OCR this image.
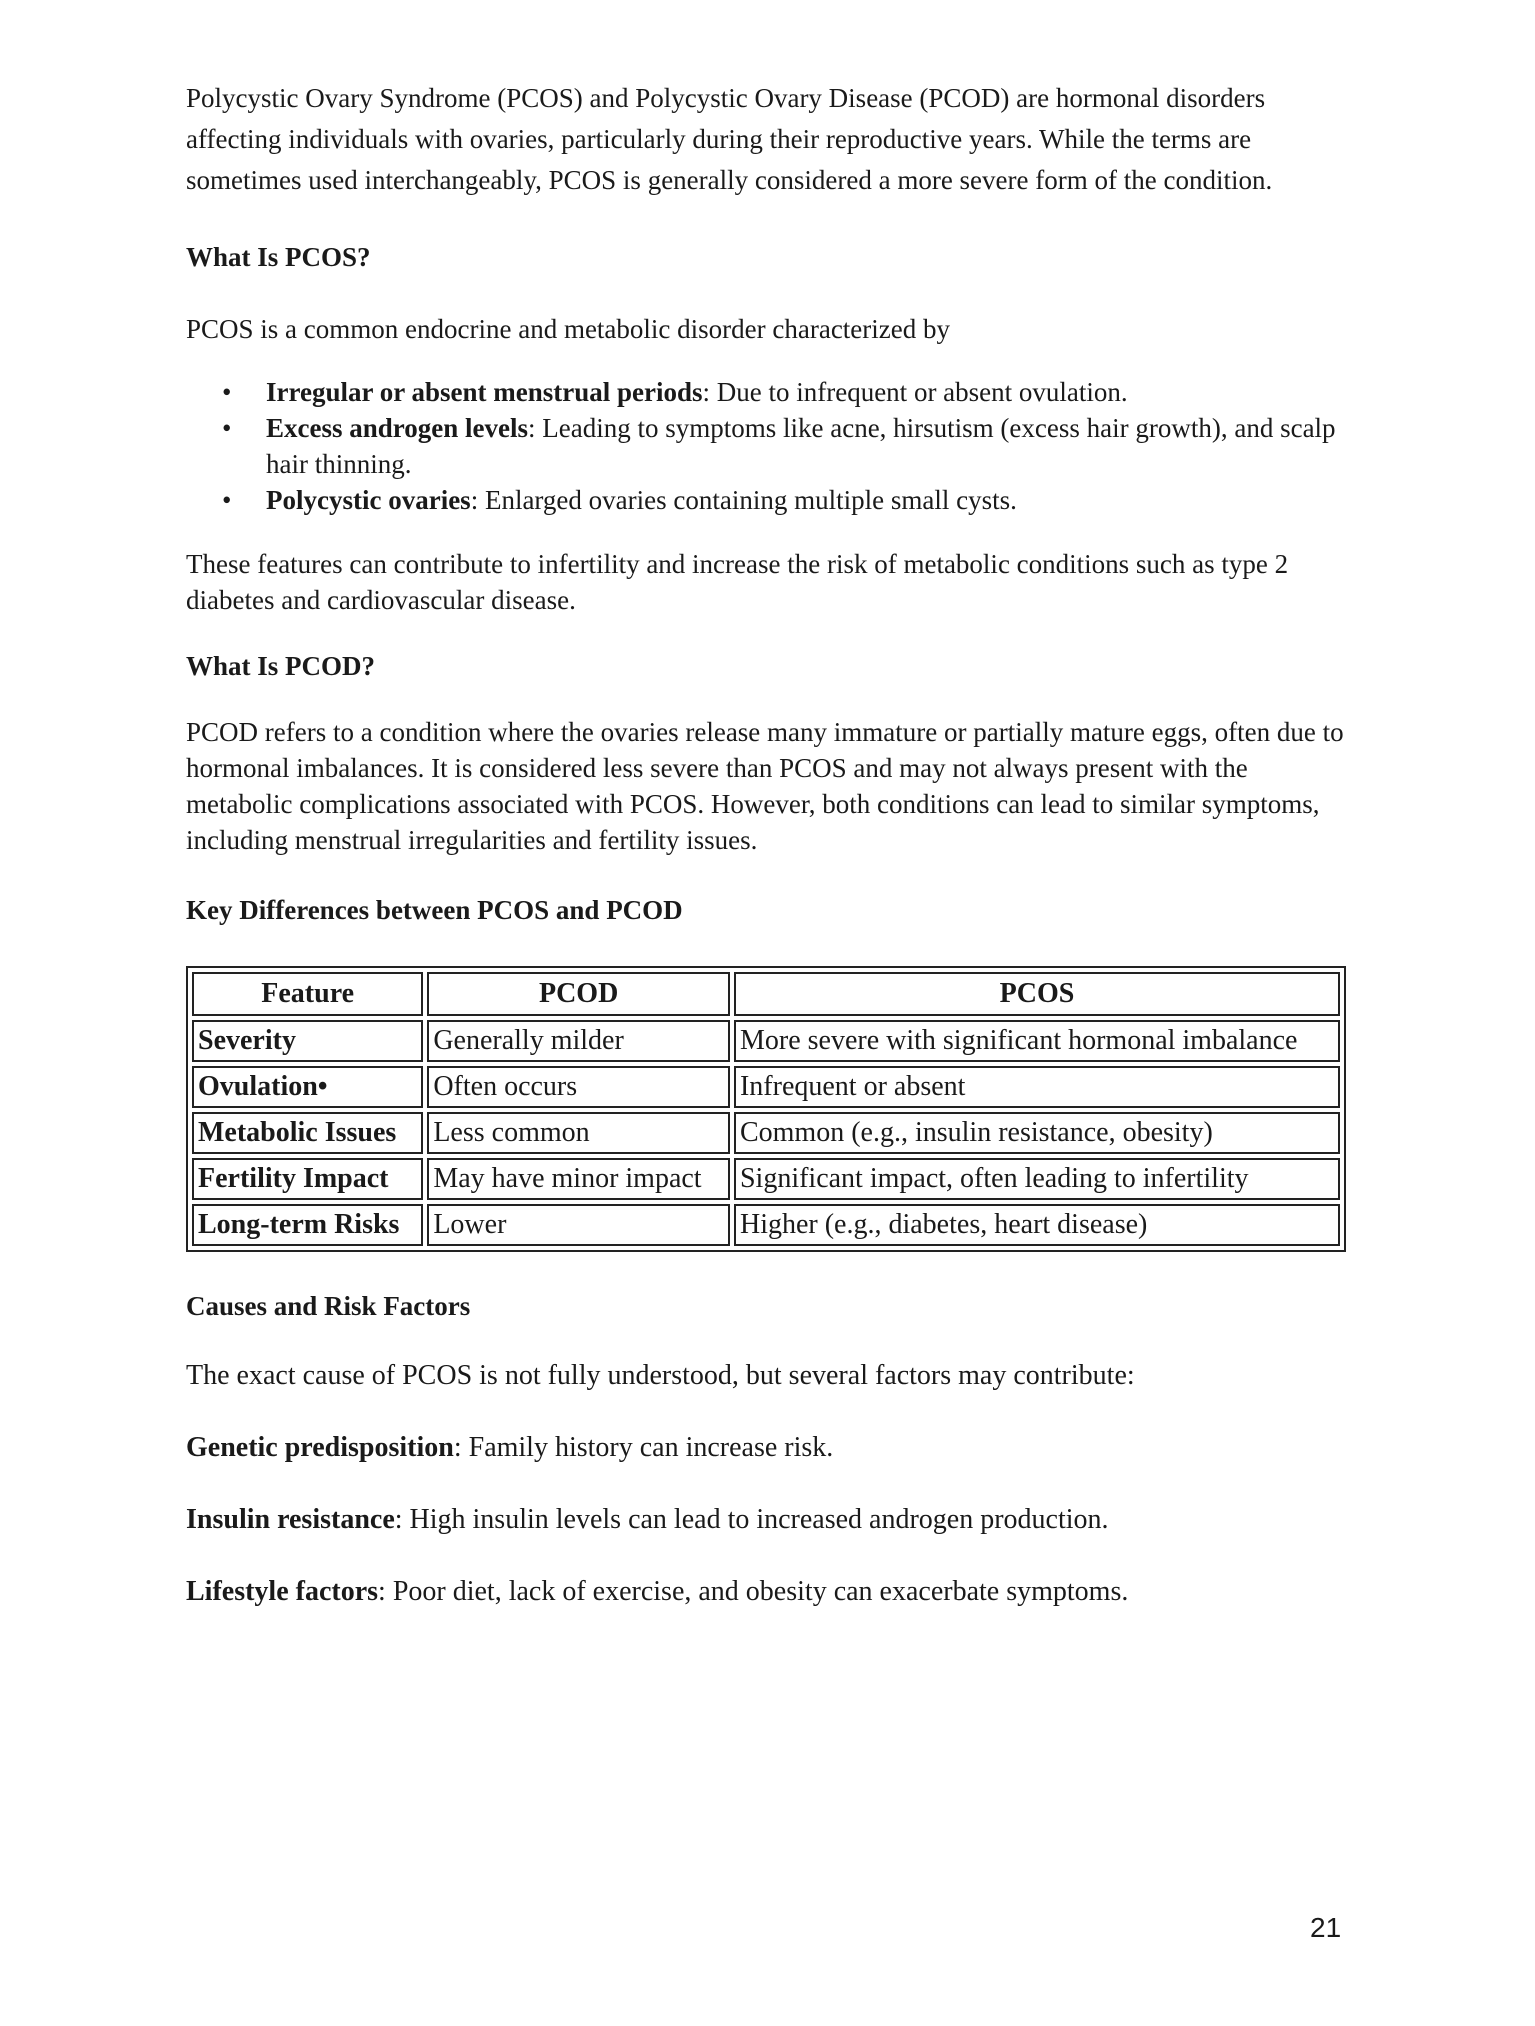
Polycystic Ovary Syndrome (PCOS) and Polycystic Ovary Disease (PCOD) are hormonal disorders affecting individuals with ovaries, particularly during their reproductive years. While the terms are sometimes used interchangeably, PCOS is generally considered a more severe form of the condition.

What Is PCOS?

PCOS is a common endocrine and metabolic disorder characterized by

• Irregular or absent menstrual periods: Due to infrequent or absent ovulation.
• Excess androgen levels: Leading to symptoms like acne, hirsutism (excess hair growth), and scalp hair thinning.
• Polycystic ovaries: Enlarged ovaries containing multiple small cysts.

These features can contribute to infertility and increase the risk of metabolic conditions such as type 2 diabetes and cardiovascular disease.

What Is PCOD?

PCOD refers to a condition where the ovaries release many immature or partially mature eggs, often due to hormonal imbalances. It is considered less severe than PCOS and may not always present with the metabolic complications associated with PCOS. However, both conditions can lead to similar symptoms, including menstrual irregularities and fertility issues.

Key Differences between PCOS and PCOD
Feature	PCOD	PCOS
Severity	Generally milder	More severe with significant hormonal imbalance
Ovulation•	Often occurs	Infrequent or absent
Metabolic Issues	Less common	Common (e.g., insulin resistance, obesity)
Fertility Impact	May have minor impact	Significant impact, often leading to infertility
Long-term Risks	Lower	Higher (e.g., diabetes, heart disease)
Causes and Risk Factors

The exact cause of PCOS is not fully understood, but several factors may contribute:

Genetic predisposition: Family history can increase risk.

Insulin resistance: High insulin levels can lead to increased androgen production.

Lifestyle factors: Poor diet, lack of exercise, and obesity can exacerbate symptoms.

21
